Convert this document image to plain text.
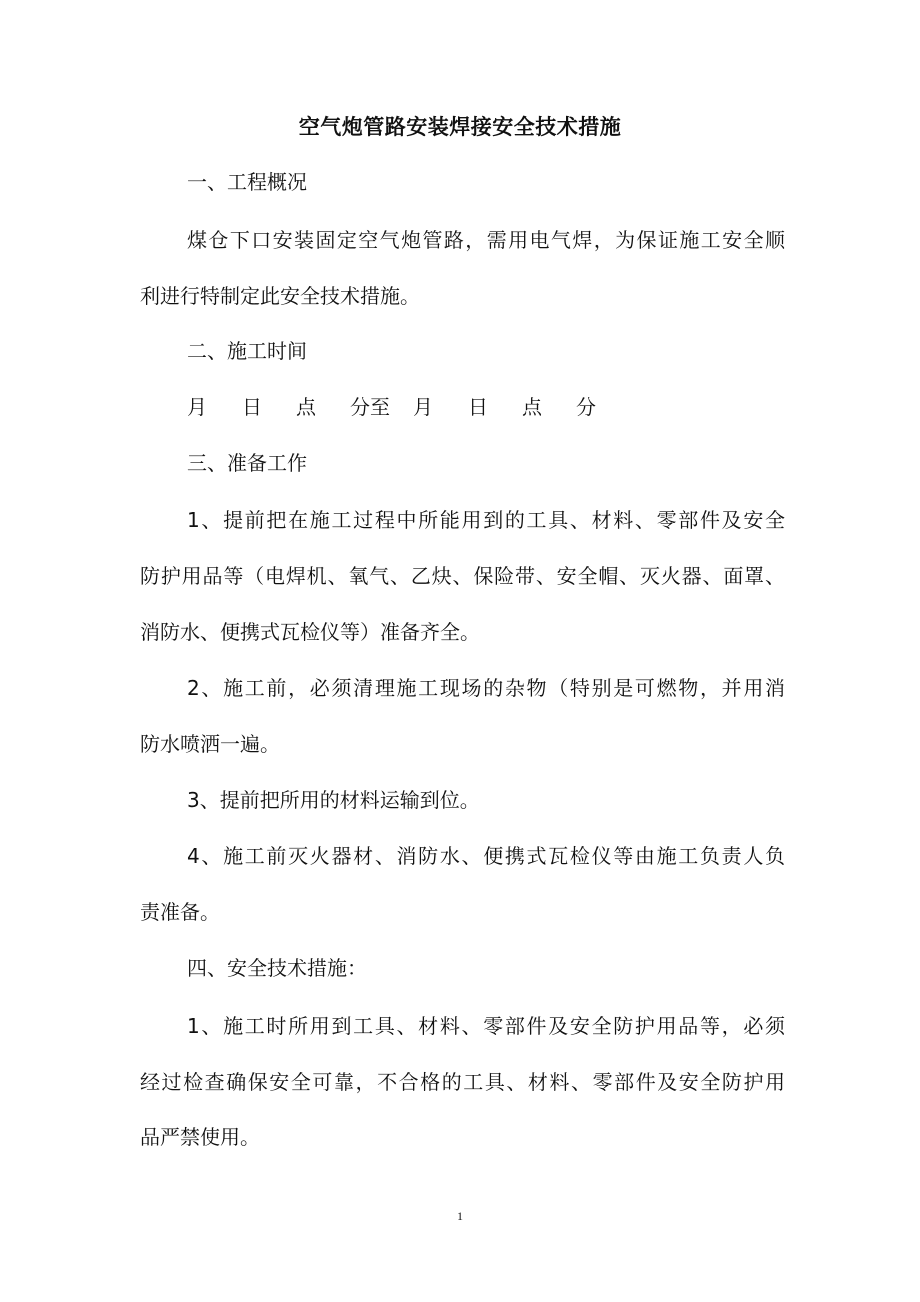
空气炮管路安装焊接安全技术措施
一、工程概况
煤仓下口安装固定空气炮管路，需用电气焊，为保证施工安全顺
利进行特制定此安全技术措施。
二、施工时间
月 日 点 分至 月 日 点 分
三、准备工作
1、提前把在施工过程中所能用到的工具、材料、零部件及安全
防护用品等（电焊机、氧气、乙炔、保险带、安全帽、灭火器、面罩、
消防水、便携式瓦检仪等）准备齐全。
2、施工前，必须清理施工现场的杂物（特别是可燃物，并用消
防水喷洒一遍。
3、提前把所用的材料运输到位。
4、施工前灭火器材、消防水、便携式瓦检仪等由施工负责人负
责准备。
四、安全技术措施：
1、施工时所用到工具、材料、零部件及安全防护用品等，必须
经过检查确保安全可靠，不合格的工具、材料、零部件及安全防护用
品严禁使用。
1
